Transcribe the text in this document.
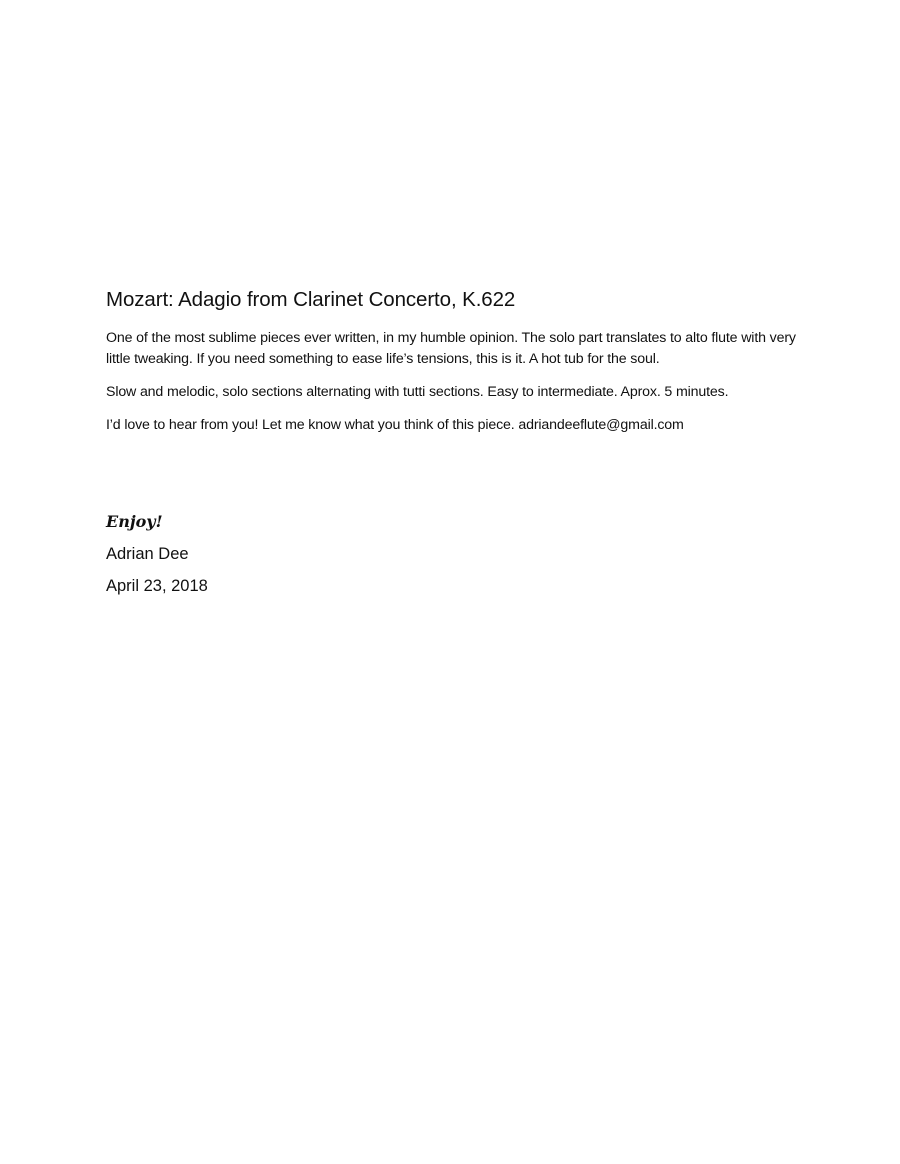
Mozart: Adagio from Clarinet Concerto, K.622

One of the most sublime pieces ever written, in my humble opinion. The solo part translates to alto flute with very little tweaking. If you need something to ease life’s tensions, this is it. A hot tub for the soul.

Slow and melodic, solo sections alternating with tutti sections. Easy to intermediate. Aprox. 5 minutes.

I’d love to hear from you! Let me know what you think of this piece. adriandeeflute@gmail.com

Enjoy!
Adrian Dee
April 23, 2018
